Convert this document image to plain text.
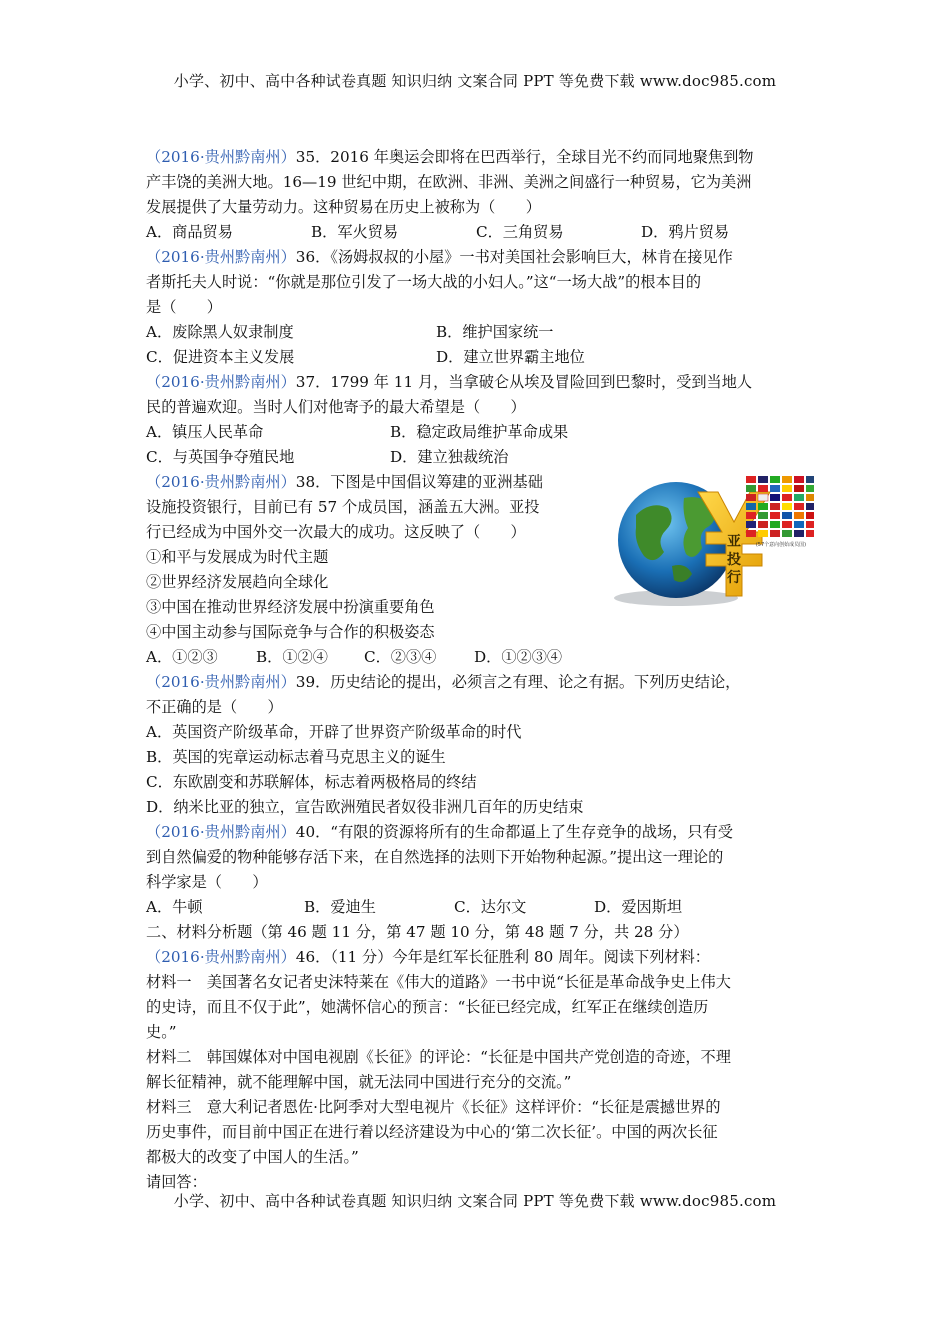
小学、初中、高中各种试卷真题 知识归纳 文案合同 PPT 等免费下载 www.doc985.com
（2016·贵州黔南州）35．2016 年奥运会即将在巴西举行，全球目光不约而同地聚焦到物
产丰饶的美洲大地。16—19 世纪中期，在欧洲、非洲、美洲之间盛行一种贸易，它为美洲
发展提供了大量劳动力。这种贸易在历史上被称为（　　）
A．商品贸易	B．军火贸易	C．三角贸易	D．鸦片贸易
（2016·贵州黔南州）36．《汤姆叔叔的小屋》一书对美国社会影响巨大，林肯在接见作
者斯托夫人时说：“你就是那位引发了一场大战的小妇人。”这“一场大战”的根本目的
是（　　）
A．废除黑人奴隶制度	B．维护国家统一
C．促进资本主义发展	D．建立世界霸主地位
（2016·贵州黔南州）37．1799 年 11 月，当拿破仑从埃及冒险回到巴黎时，受到当地人
民的普遍欢迎。当时人们对他寄予的最大希望是（　　）
A．镇压人民革命	B．稳定政局维护革命成果
C．与英国争夺殖民地	D．建立独裁统治
（2016·贵州黔南州）38．下图是中国倡议筹建的亚洲基础
设施投资银行，目前已有 57 个成员国，涵盖五大洲。亚投
行已经成为中国外交一次最大的成功。这反映了（　　）
①和平与发展成为时代主题
②世界经济发展趋向全球化
③中国在推动世界经济发展中扮演重要角色
④中国主动参与国际竞争与合作的积极姿态
A．①②③	B．①②④	C．②③④	D．①②③④
亚
投
行
(57个意向创始成员国)
（2016·贵州黔南州）39．历史结论的提出，必须言之有理、论之有据。下列历史结论，
不正确的是（　　）
A．英国资产阶级革命，开辟了世界资产阶级革命的时代
B．英国的宪章运动标志着马克思主义的诞生
C．东欧剧变和苏联解体，标志着两极格局的终结
D．纳米比亚的独立，宣告欧洲殖民者奴役非洲几百年的历史结束
（2016·贵州黔南州）40．“有限的资源将所有的生命都逼上了生存竞争的战场，只有受
到自然偏爱的物种能够存活下来，在自然选择的法则下开始物种起源。”提出这一理论的
科学家是（　　）
A．牛顿	B．爱迪生	C．达尔文	D．爱因斯坦
二、材料分析题（第 46 题 11 分，第 47 题 10 分，第 48 题 7 分，共 28 分）
（2016·贵州黔南州）46．（11 分）今年是红军长征胜利 80 周年。阅读下列材料：
材料一　美国著名女记者史沫特莱在《伟大的道路》一书中说“长征是革命战争史上伟大
的史诗，而且不仅于此”，她满怀信心的预言：“长征已经完成，红军正在继续创造历
史。”
材料二　韩国媒体对中国电视剧《长征》的评论：“长征是中国共产党创造的奇迹，不理
解长征精神，就不能理解中国，就无法同中国进行充分的交流。”
材料三　意大利记者恩佐·比阿季对大型电视片《长征》这样评价：“长征是震撼世界的
历史事件，而目前中国正在进行着以经济建设为中心的‘第二次长征’。中国的两次长征
都极大的改变了中国人的生活。”
请回答：
小学、初中、高中各种试卷真题 知识归纳 文案合同 PPT 等免费下载 www.doc985.com
